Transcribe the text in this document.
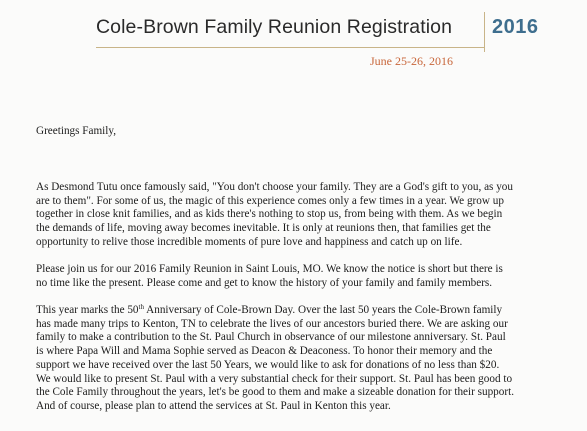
Cole-Brown Family Reunion Registration 2016
June 25-26, 2016
Greetings Family,
As Desmond Tutu once famously said, "You don't choose your family. They are a God's gift to you, as you
are to them". For some of us, the magic of this experience comes only a few times in a year. We grow up
together in close knit families, and as kids there's nothing to stop us, from being with them. As we begin
the demands of life, moving away becomes inevitable. It is only at reunions then, that families get the
opportunity to relive those incredible moments of pure love and happiness and catch up on life.
Please join us for our 2016 Family Reunion in Saint Louis, MO. We know the notice is short but there is
no time like the present. Please come and get to know the history of your family and family members.
This year marks the 50th Anniversary of Cole-Brown Day. Over the last 50 years the Cole-Brown family
has made many trips to Kenton, TN to celebrate the lives of our ancestors buried there. We are asking our
family to make a contribution to the St. Paul Church in observance of our milestone anniversary. St. Paul
is where Papa Will and Mama Sophie served as Deacon & Deaconess. To honor their memory and the
support we have received over the last 50 Years, we would like to ask for donations of no less than $20.
We would like to present St. Paul with a very substantial check for their support. St. Paul has been good to
the Cole Family throughout the years, let's be good to them and make a sizeable donation for their support.
And of course, please plan to attend the services at St. Paul in Kenton this year.
